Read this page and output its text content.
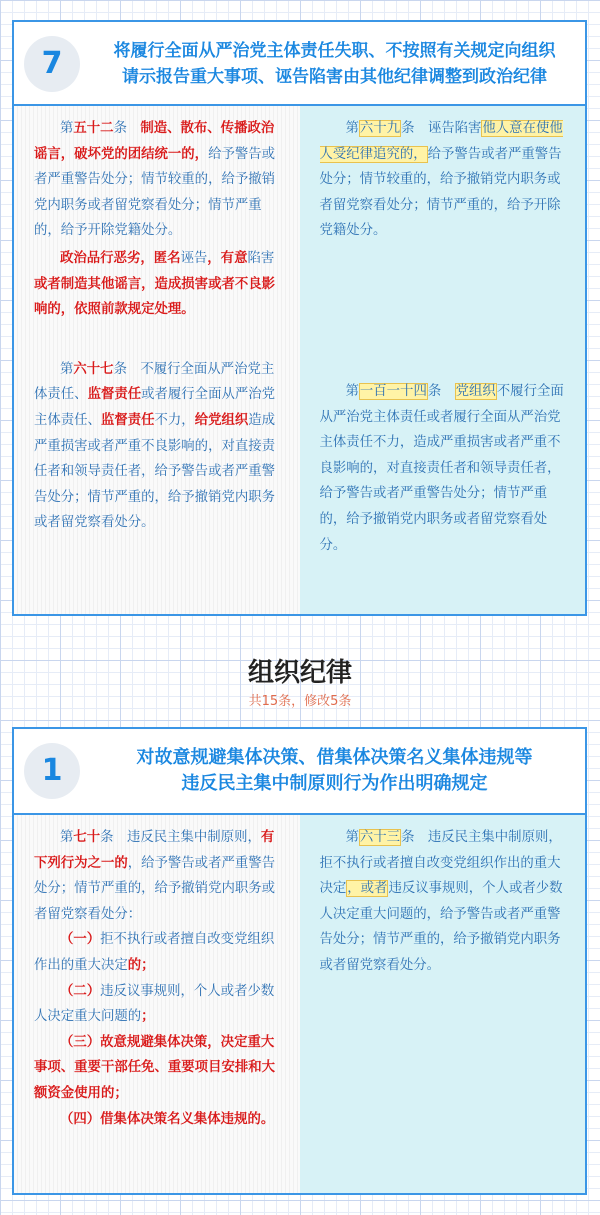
7	将履行全面从严治党主体责任失职、不按照有关规定向组织
请示报告重大事项、诬告陷害由其他纪律调整到政治纪律

第五十二条　 制造、散布、传播政治谣言，破坏党的团结统一的，给予警告或者严重警告处分；情节较重的，给予撤销党内职务或者留党察看处分；情节严重的，给予开除党籍处分。

政治品行恶劣，匿名诬告，有意陷害或者制造其他谣言，造成损害或者不良影响的，依照前款规定处理。

第六十七条　不履行全面从严治党主体责任、监督责任或者履行全面从严治党主体责任、监督责任不力，给党组织造成严重损害或者严重不良影响的，对直接责任者和领导责任者，给予警告或者严重警告处分；情节严重的，给予撤销党内职务或者留党察看处分。

第六十九条　诬告陷害他人意在使他人受纪律追究的，给予警告或者严重警告处分；情节较重的，给予撤销党内职务或者留党察看处分；情节严重的，给予开除党籍处分。

第一百一十四条　党组织不履行全面从严治党主体责任或者履行全面从严治党主体责任不力，造成严重损害或者严重不良影响的，对直接责任者和领导责任者，给予警告或者严重警告处分；情节严重的，给予撤销党内职务或者留党察看处分。

组织纪律
共15条，修改5条
1	对故意规避集体决策、借集体决策名义集体违规等
违反民主集中制原则行为作出明确规定

第七十条　违反民主集中制原则，有下列行为之一的，给予警告或者严重警告处分；情节严重的，给予撤销党内职务或者留党察看处分：

（一）拒不执行或者擅自改变党组织作出的重大决定的；

（二）违反议事规则，个人或者少数人决定重大问题的；

（三）故意规避集体决策，决定重大事项、重要干部任免、重要项目安排和大额资金使用的；

（四）借集体决策名义集体违规的。

第六十三条　违反民主集中制原则，拒不执行或者擅自改变党组织作出的重大决定，或者违反议事规则，个人或者少数人决定重大问题的，给予警告或者严重警告处分；情节严重的，给予撤销党内职务或者留党察看处分。
